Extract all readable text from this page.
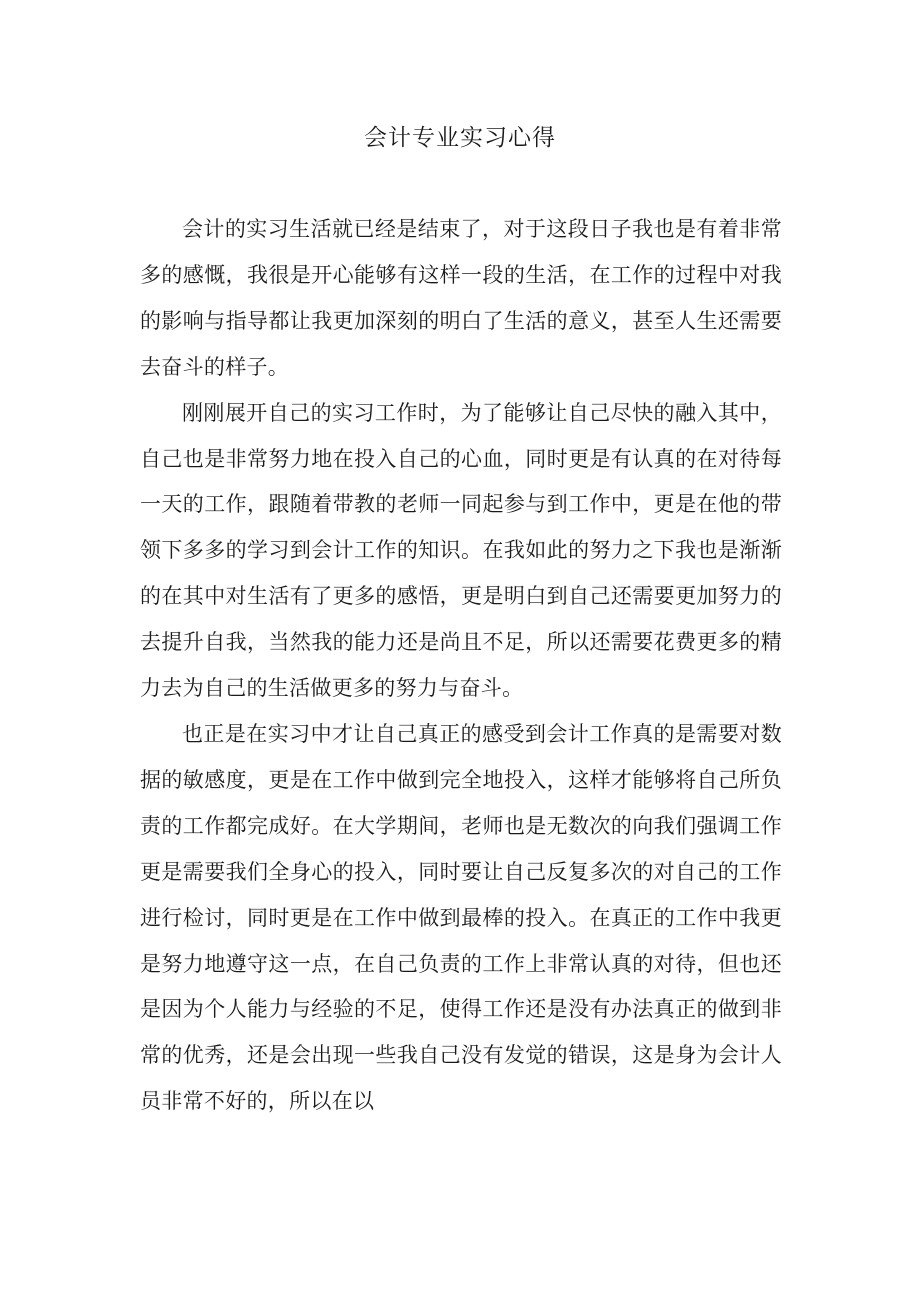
会计专业实习心得

会计的实习生活就已经是结束了，对于这段日子我也是有着非常多的感慨，我很是开心能够有这样一段的生活，在工作的过程中对我的影响与指导都让我更加深刻的明白了生活的意义，甚至人生还需要去奋斗的样子。

刚刚展开自己的实习工作时，为了能够让自己尽快的融入其中，自己也是非常努力地在投入自己的心血，同时更是有认真的在对待每一天的工作，跟随着带教的老师一同起参与到工作中，更是在他的带领下多多的学习到会计工作的知识。在我如此的努力之下我也是渐渐的在其中对生活有了更多的感悟，更是明白到自己还需要更加努力的去提升自我，当然我的能力还是尚且不足，所以还需要花费更多的精力去为自己的生活做更多的努力与奋斗。

也正是在实习中才让自己真正的感受到会计工作真的是需要对数据的敏感度，更是在工作中做到完全地投入，这样才能够将自己所负责的工作都完成好。在大学期间，老师也是无数次的向我们强调工作更是需要我们全身心的投入，同时要让自己反复多次的对自己的工作进行检讨，同时更是在工作中做到最棒的投入。在真正的工作中我更是努力地遵守这一点，在自己负责的工作上非常认真的对待，但也还是因为个人能力与经验的不足，使得工作还是没有办法真正的做到非常的优秀，还是会出现一些我自己没有发觉的错误，这是身为会计人员非常不好的，所以在以
